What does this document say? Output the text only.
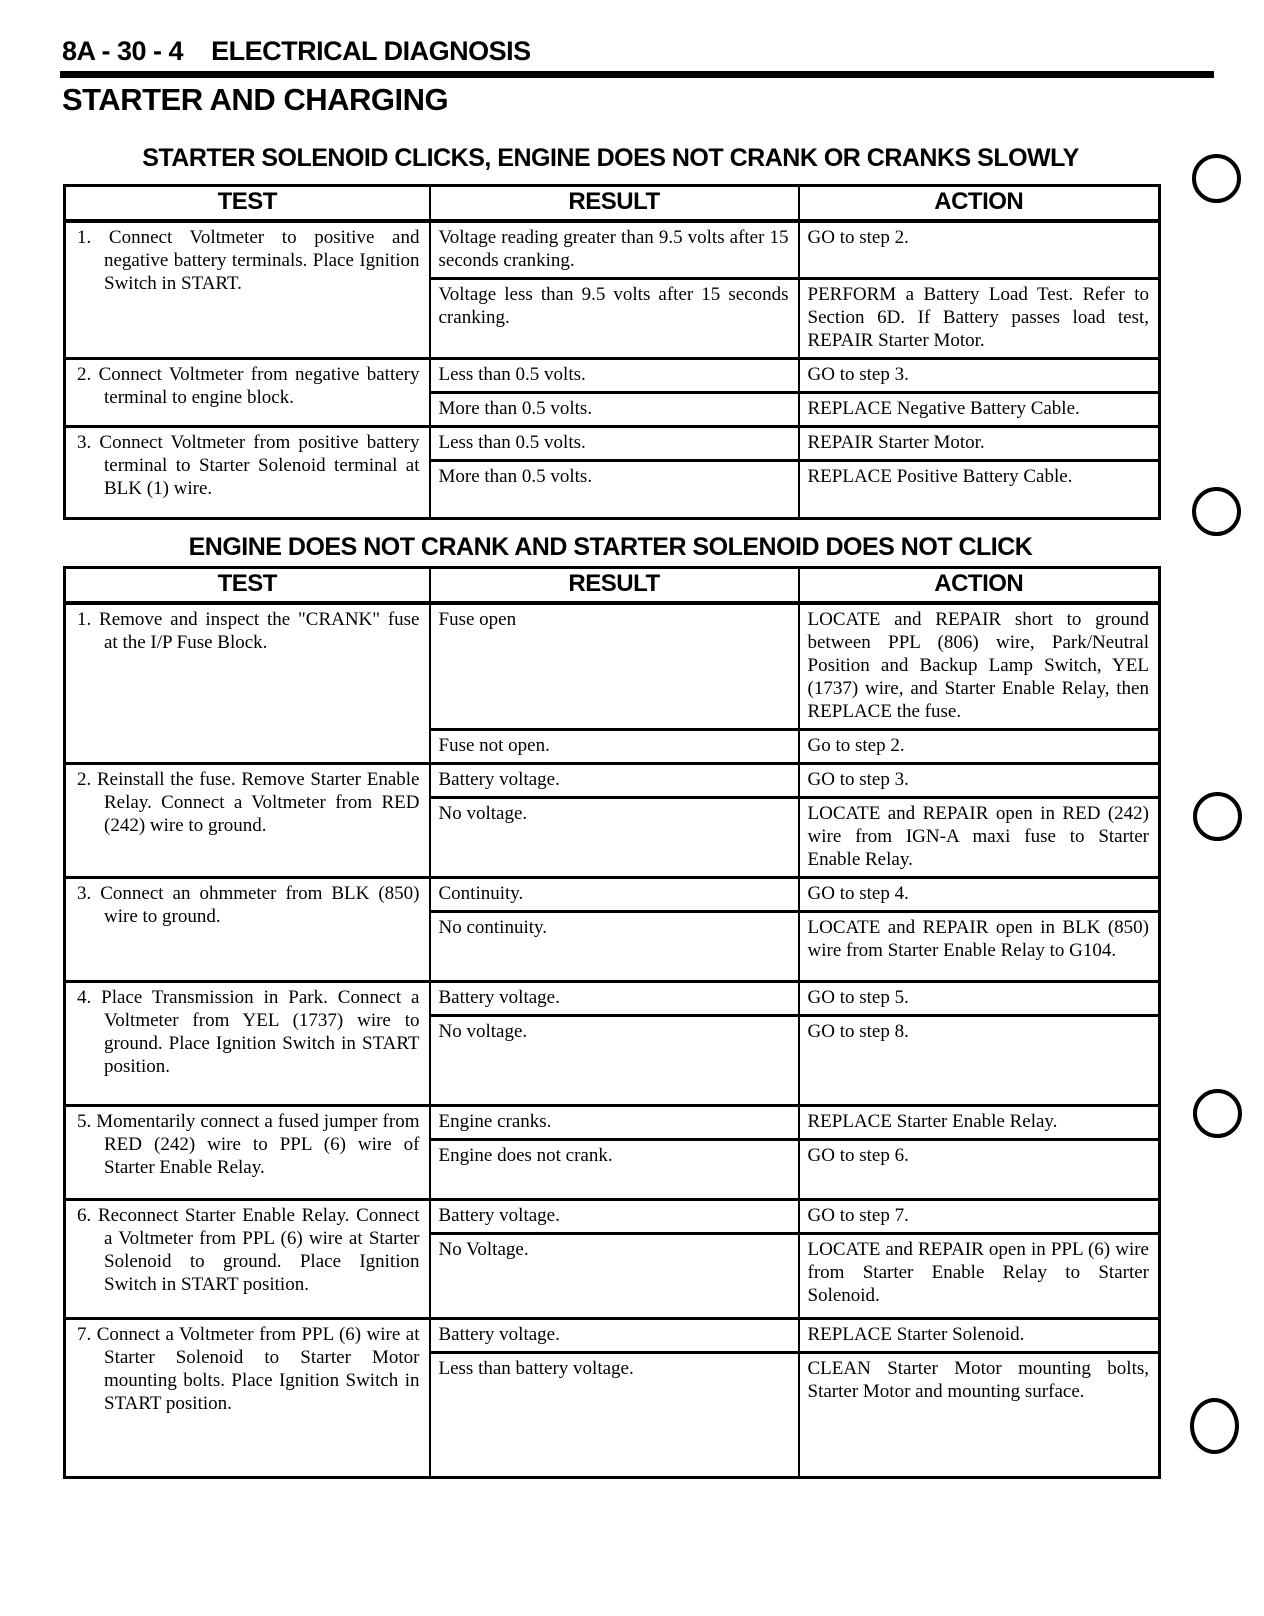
8A - 30 - 4 ELECTRICAL DIAGNOSIS
STARTER AND CHARGING
STARTER SOLENOID CLICKS, ENGINE DOES NOT CRANK OR CRANKS SLOWLY
TEST	RESULT	ACTION
1. Connect Voltmeter to positive and negative battery terminals. Place Ignition Switch in START.	Voltage reading greater than 9.5 volts after 15 seconds cranking.	GO to step 2.
	Voltage less than 9.5 volts after 15 seconds cranking.	PERFORM a Battery Load Test. Refer to Section 6D. If Battery passes load test, REPAIR Starter Motor.
2. Connect Voltmeter from negative battery terminal to engine block.	Less than 0.5 volts.	GO to step 3.
	More than 0.5 volts.	REPLACE Negative Battery Cable.
3. Connect Voltmeter from positive battery terminal to Starter Solenoid terminal at BLK (1) wire.	Less than 0.5 volts.	REPAIR Starter Motor.
	More than 0.5 volts.	REPLACE Positive Battery Cable.
ENGINE DOES NOT CRANK AND STARTER SOLENOID DOES NOT CLICK
TEST	RESULT	ACTION
1. Remove and inspect the "CRANK" fuse at the I/P Fuse Block.	Fuse open	LOCATE and REPAIR short to ground between PPL (806) wire, Park/Neutral Position and Backup Lamp Switch, YEL (1737) wire, and Starter Enable Relay, then REPLACE the fuse.
	Fuse not open.	Go to step 2.
2. Reinstall the fuse. Remove Starter Enable Relay. Connect a Voltmeter from RED (242) wire to ground.	Battery voltage.	GO to step 3.
	No voltage.	LOCATE and REPAIR open in RED (242) wire from IGN-A maxi fuse to Starter Enable Relay.
3. Connect an ohmmeter from BLK (850) wire to ground.	Continuity.	GO to step 4.
	No continuity.	LOCATE and REPAIR open in BLK (850) wire from Starter Enable Relay to G104.
4. Place Transmission in Park. Connect a Voltmeter from YEL (1737) wire to ground. Place Ignition Switch in START position.	Battery voltage.	GO to step 5.
	No voltage.	GO to step 8.
5. Momentarily connect a fused jumper from RED (242) wire to PPL (6) wire of Starter Enable Relay.	Engine cranks.	REPLACE Starter Enable Relay.
	Engine does not crank.	GO to step 6.
6. Reconnect Starter Enable Relay. Connect a Voltmeter from PPL (6) wire at Starter Solenoid to ground. Place Ignition Switch in START position.	Battery voltage.	GO to step 7.
	No Voltage.	LOCATE and REPAIR open in PPL (6) wire from Starter Enable Relay to Starter Solenoid.
7. Connect a Voltmeter from PPL (6) wire at Starter Solenoid to Starter Motor mounting bolts. Place Ignition Switch in START position.	Battery voltage.	REPLACE Starter Solenoid.
	Less than battery voltage.	CLEAN Starter Motor mounting bolts, Starter Motor and mounting surface.
